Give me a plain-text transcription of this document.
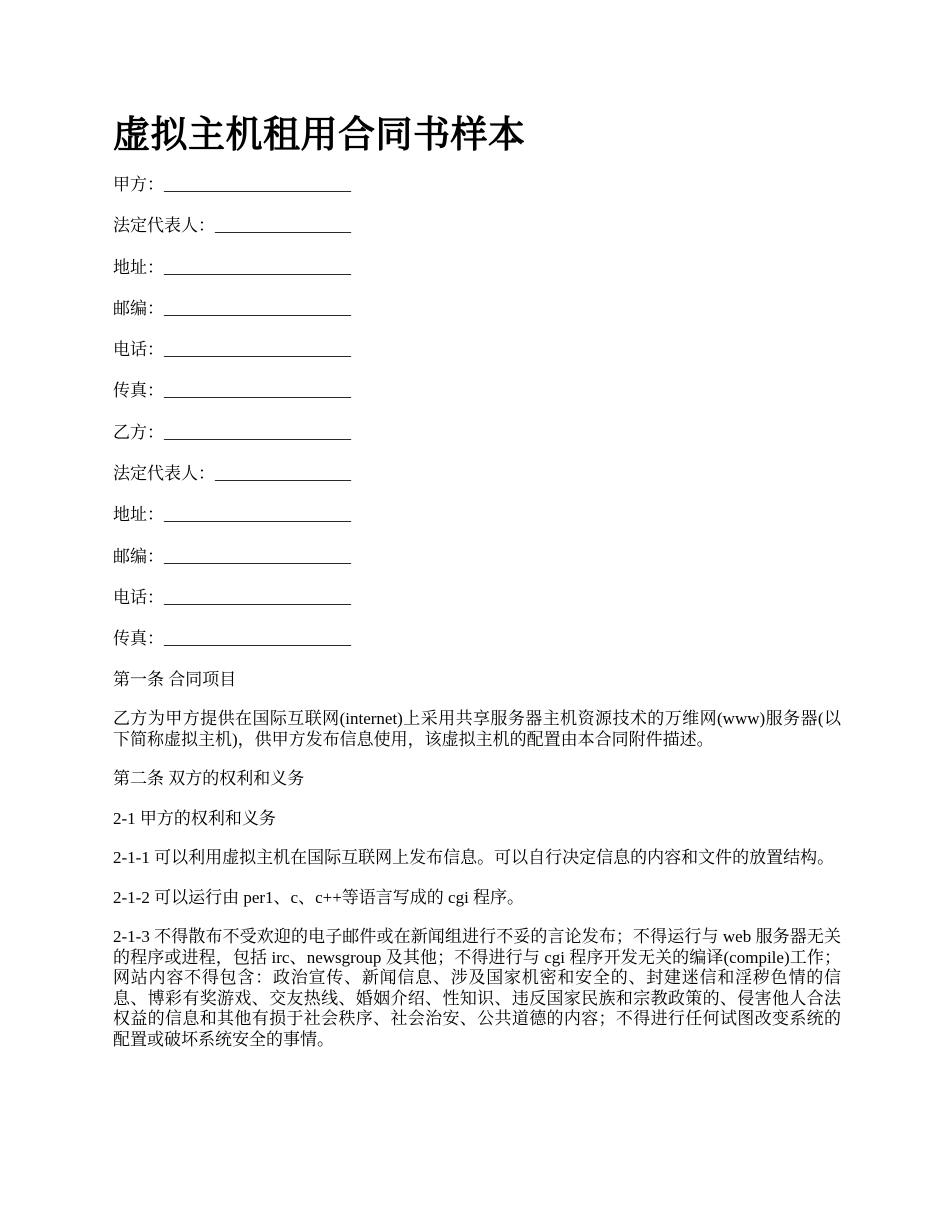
虚拟主机租用合同书样本
甲方：______________________
法定代表人：________________
地址：______________________
邮编：______________________
电话：______________________
传真：______________________
乙方：______________________
法定代表人：________________
地址：______________________
邮编：______________________
电话：______________________
传真：______________________

第一条 合同项目

乙方为甲方提供在国际互联网(internet)上采用共享服务器主机资源技术的万维网(www)服务器(以下简称虚拟主机)，供甲方发布信息使用，该虚拟主机的配置由本合同附件描述。

第二条 双方的权利和义务

2-1 甲方的权利和义务

2-1-1 可以利用虚拟主机在国际互联网上发布信息。可以自行决定信息的内容和文件的放置结构。

2-1-2 可以运行由 per1、c、c++等语言写成的 cgi 程序。

2-1-3 不得散布不受欢迎的电子邮件或在新闻组进行不妥的言论发布；不得运行与 web 服务器无关的程序或进程，包括 irc、newsgroup 及其他；不得进行与 cgi 程序开发无关的编译(compile)工作；网站内容不得包含：政治宣传、新闻信息、涉及国家机密和安全的、封建迷信和淫秽色情的信息、博彩有奖游戏、交友热线、婚姻介绍、性知识、违反国家民族和宗教政策的、侵害他人合法权益的信息和其他有损于社会秩序、社会治安、公共道德的内容；不得进行任何试图改变系统的配置或破坏系统安全的事情。
